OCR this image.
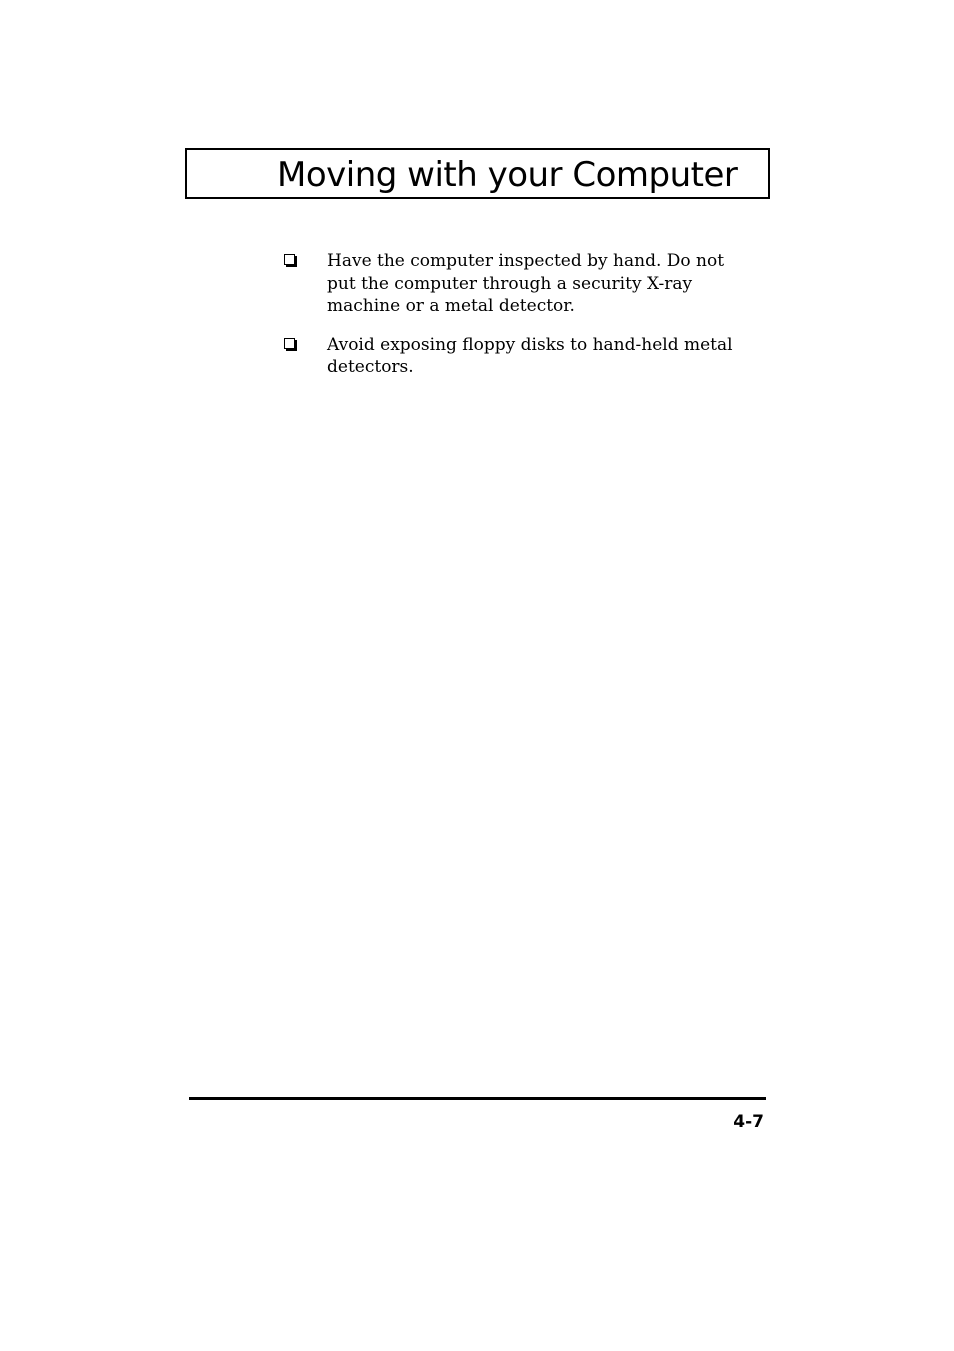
Moving with your Computer
Have the computer inspected by hand. Do not put the computer through a security X-ray machine or a metal detector.
Avoid exposing floppy disks to hand-held metal detectors.
4-7
